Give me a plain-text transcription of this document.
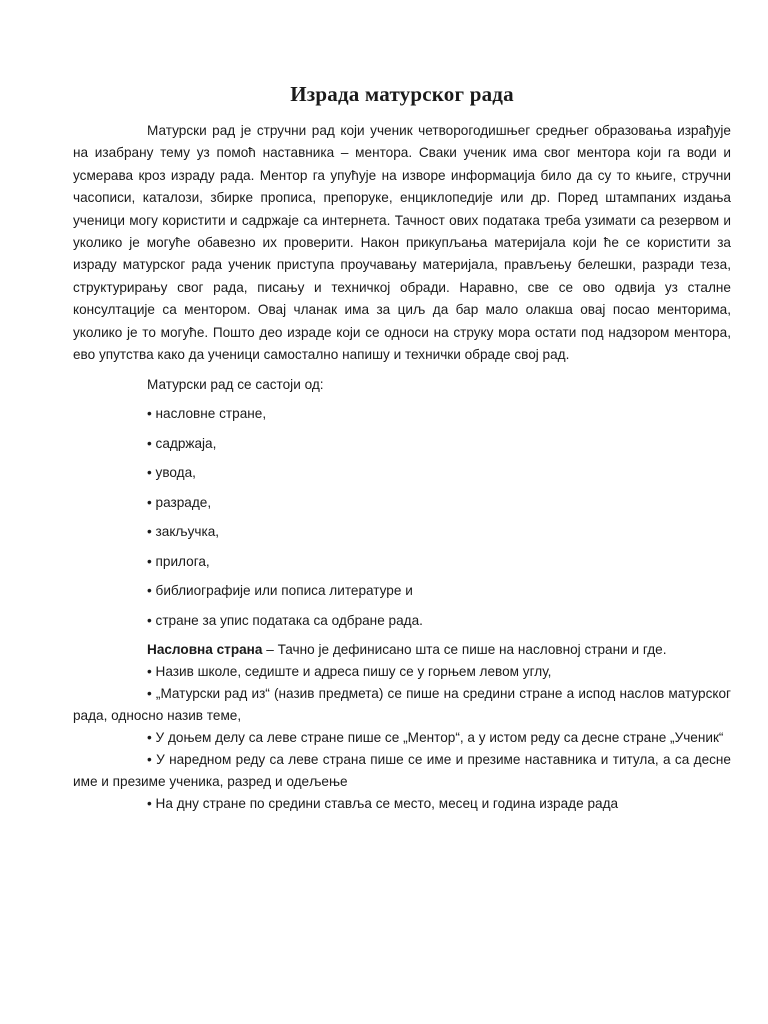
Израда матурског рада

Матурски рад је стручни рад који ученик четворогодишњег средњег образовања израђује на изабрану тему уз помоћ наставника – ментора. Сваки ученик има свог ментора који га води и усмерава кроз израду рада. Ментор га упућује на изворе информација било да су то књиге, стручни часописи, каталози, збирке прописа, препоруке, енциклопедије или др. Поред штампаних издања ученици могу користити и садржаје са интернета. Тачност ових података треба узимати са резервом и уколико је могуће обавезно их проверити. Након прикупљања материјала који ће се користити за израду матурског рада ученик приступа проучавању материјала, прављењу белешки, разради теза, структурирању свог рада, писању и техничкој обради. Наравно, све се ово одвија уз сталне консултације са ментором. Овај чланак има за циљ да бар мало олакша овај посао менторима, уколико је то могуће. Пошто део израде који се односи на струку мора остати под надзором ментора, ево упутства како да ученици самостално напишу и технички обраде свој рад.

Матурски рад се састоји од:

• насловне стране,

• садржаја,

• увода,

• разраде,

• закључка,

• прилога,

• библиографије или пописа литературе и

• стране за упис података са одбране рада.

Насловна страна – Тачно је дефинисано шта се пише на насловној страни и где.

• Назив школе, седиште и адреса пишу се у горњем левом углу,

• „Матурски рад из“ (назив предмета) се пише на средини стране а испод наслов матурског рада, односно назив теме,

• У доњем делу са леве стране пише се „Ментор“, а у истом реду са десне стране „Ученик“

• У наредном реду са леве страна пише се име и презиме наставника и титула, а са десне име и презиме ученика, разред и одељење

• На дну стране по средини ставља се место, месец и година израде рада
